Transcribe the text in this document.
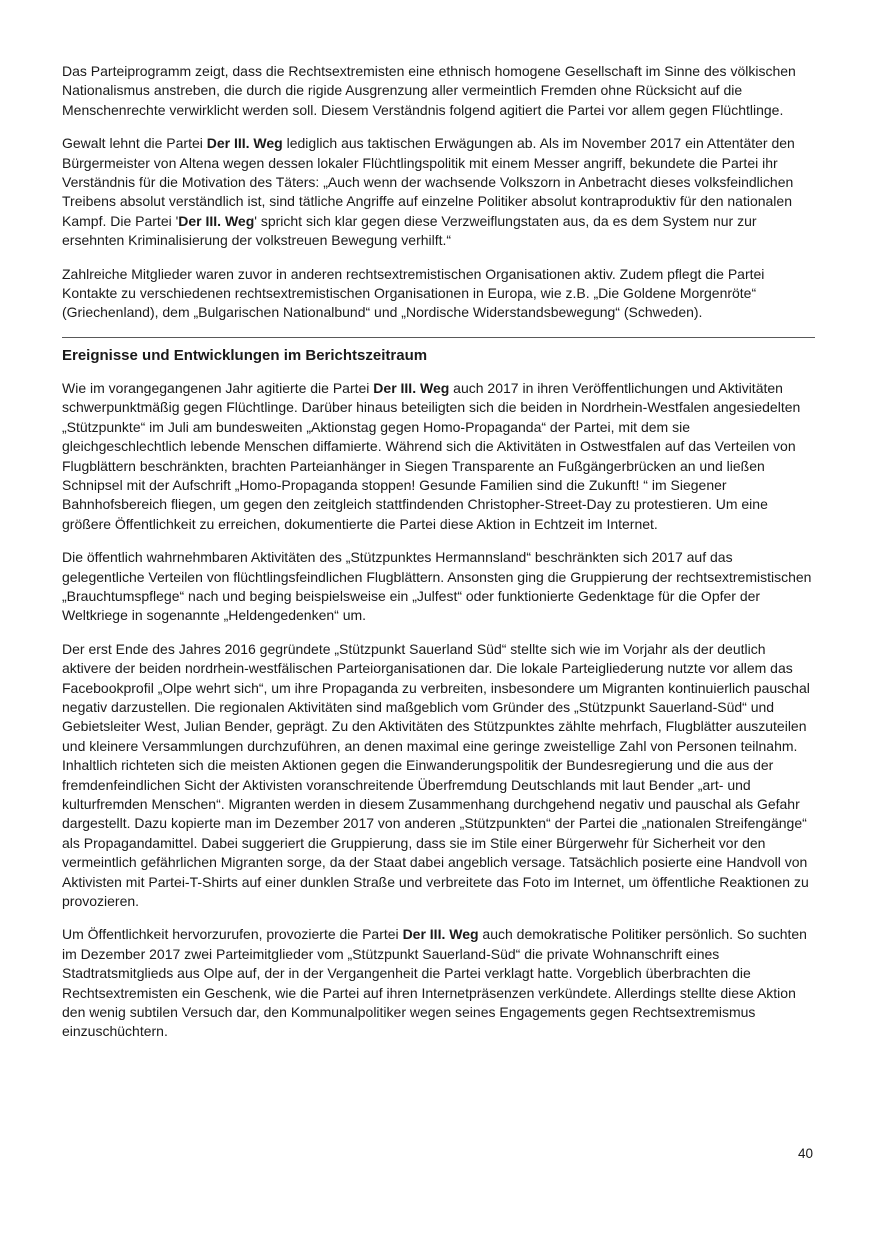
Das Parteiprogramm zeigt, dass die Rechtsextremisten eine ethnisch homogene Gesellschaft im Sinne des völkischen Nationalismus anstreben, die durch die rigide Ausgrenzung aller vermeintlich Fremden ohne Rücksicht auf die Menschenrechte verwirklicht werden soll. Diesem Verständnis folgend agitiert die Partei vor allem gegen Flüchtlinge.

Gewalt lehnt die Partei Der III. Weg lediglich aus taktischen Erwägungen ab. Als im November 2017 ein Attentäter den Bürgermeister von Altena wegen dessen lokaler Flüchtlingspolitik mit einem Messer angriff, bekundete die Partei ihr Verständnis für die Motivation des Täters: „Auch wenn der wachsende Volkszorn in Anbetracht dieses volksfeindlichen Treibens absolut verständlich ist, sind tätliche Angriffe auf einzelne Politiker absolut kontraproduktiv für den nationalen Kampf. Die Partei 'Der III. Weg' spricht sich klar gegen diese Verzweiflungstaten aus, da es dem System nur zur ersehnten Kriminalisierung der volkstreuen Bewegung verhilft.“

Zahlreiche Mitglieder waren zuvor in anderen rechtsextremistischen Organisationen aktiv. Zudem pflegt die Partei Kontakte zu verschiedenen rechtsextremistischen Organisationen in Europa, wie z.B. „Die Goldene Morgenröte“ (Griechenland), dem „Bulgarischen Nationalbund“ und „Nordische Widerstandsbewegung“ (Schweden).

Ereignisse und Entwicklungen im Berichtszeitraum

Wie im vorangegangenen Jahr agitierte die Partei Der III. Weg auch 2017 in ihren Veröffentlichungen und Aktivitäten schwerpunktmäßig gegen Flüchtlinge. Darüber hinaus beteiligten sich die beiden in Nordrhein-Westfalen angesiedelten „Stützpunkte“ im Juli am bundesweiten „Aktionstag gegen Homo-Propaganda“ der Partei, mit dem sie gleichgeschlechtlich lebende Menschen diffamierte. Während sich die Aktivitäten in Ostwestfalen auf das Verteilen von Flugblättern beschränkten, brachten Parteianhänger in Siegen Transparente an Fußgängerbrücken an und ließen Schnipsel mit der Aufschrift „Homo-Propaganda stoppen! Gesunde Familien sind die Zukunft! “ im Siegener Bahnhofsbereich fliegen, um gegen den zeitgleich stattfindenden Christopher-Street-Day zu protestieren. Um eine größere Öffentlichkeit zu erreichen, dokumentierte die Partei diese Aktion in Echtzeit im Internet.

Die öffentlich wahrnehmbaren Aktivitäten des „Stützpunktes Hermannsland“ beschränkten sich 2017 auf das gelegentliche Verteilen von flüchtlingsfeindlichen Flugblättern. Ansonsten ging die Gruppierung der rechtsextremistischen „Brauchtumspflege“ nach und beging beispielsweise ein „Julfest“ oder funktionierte Gedenktage für die Opfer der Weltkriege in sogenannte „Heldengedenken“ um.

Der erst Ende des Jahres 2016 gegründete „Stützpunkt Sauerland Süd“ stellte sich wie im Vorjahr als der deutlich aktivere der beiden nordrhein-westfälischen Parteiorganisationen dar. Die lokale Parteigliederung nutzte vor allem das Facebookprofil „Olpe wehrt sich“, um ihre Propaganda zu verbreiten, insbesondere um Migranten kontinuierlich pauschal negativ darzustellen. Die regionalen Aktivitäten sind maßgeblich vom Gründer des „Stützpunkt Sauerland-Süd“ und Gebietsleiter West, Julian Bender, geprägt. Zu den Aktivitäten des Stützpunktes zählte mehrfach, Flugblätter auszuteilen und kleinere Versammlungen durchzuführen, an denen maximal eine geringe zweistellige Zahl von Personen teilnahm. Inhaltlich richteten sich die meisten Aktionen gegen die Einwanderungspolitik der Bundesregierung und die aus der fremdenfeindlichen Sicht der Aktivisten voranschreitende Überfremdung Deutschlands mit laut Bender „art- und kulturfremden Menschen“. Migranten werden in diesem Zusammenhang durchgehend negativ und pauschal als Gefahr dargestellt. Dazu kopierte man im Dezember 2017 von anderen „Stützpunkten“ der Partei die „nationalen Streifengänge“ als Propagandamittel. Dabei suggeriert die Gruppierung, dass sie im Stile einer Bürgerwehr für Sicherheit vor den vermeintlich gefährlichen Migranten sorge, da der Staat dabei angeblich versage. Tatsächlich posierte eine Handvoll von Aktivisten mit Partei-T-Shirts auf einer dunklen Straße und verbreitete das Foto im Internet, um öffentliche Reaktionen zu provozieren.

Um Öffentlichkeit hervorzurufen, provozierte die Partei Der III. Weg auch demokratische Politiker persönlich. So suchten im Dezember 2017 zwei Parteimitglieder vom „Stützpunkt Sauerland-Süd“ die private Wohnanschrift eines Stadtratsmitglieds aus Olpe auf, der in der Vergangenheit die Partei verklagt hatte. Vorgeblich überbrachten die Rechtsextremisten ein Geschenk, wie die Partei auf ihren Internetpräsenzen verkündete. Allerdings stellte diese Aktion den wenig subtilen Versuch dar, den Kommunalpolitiker wegen seines Engagements gegen Rechtsextremismus einzuschüchtern.

40
